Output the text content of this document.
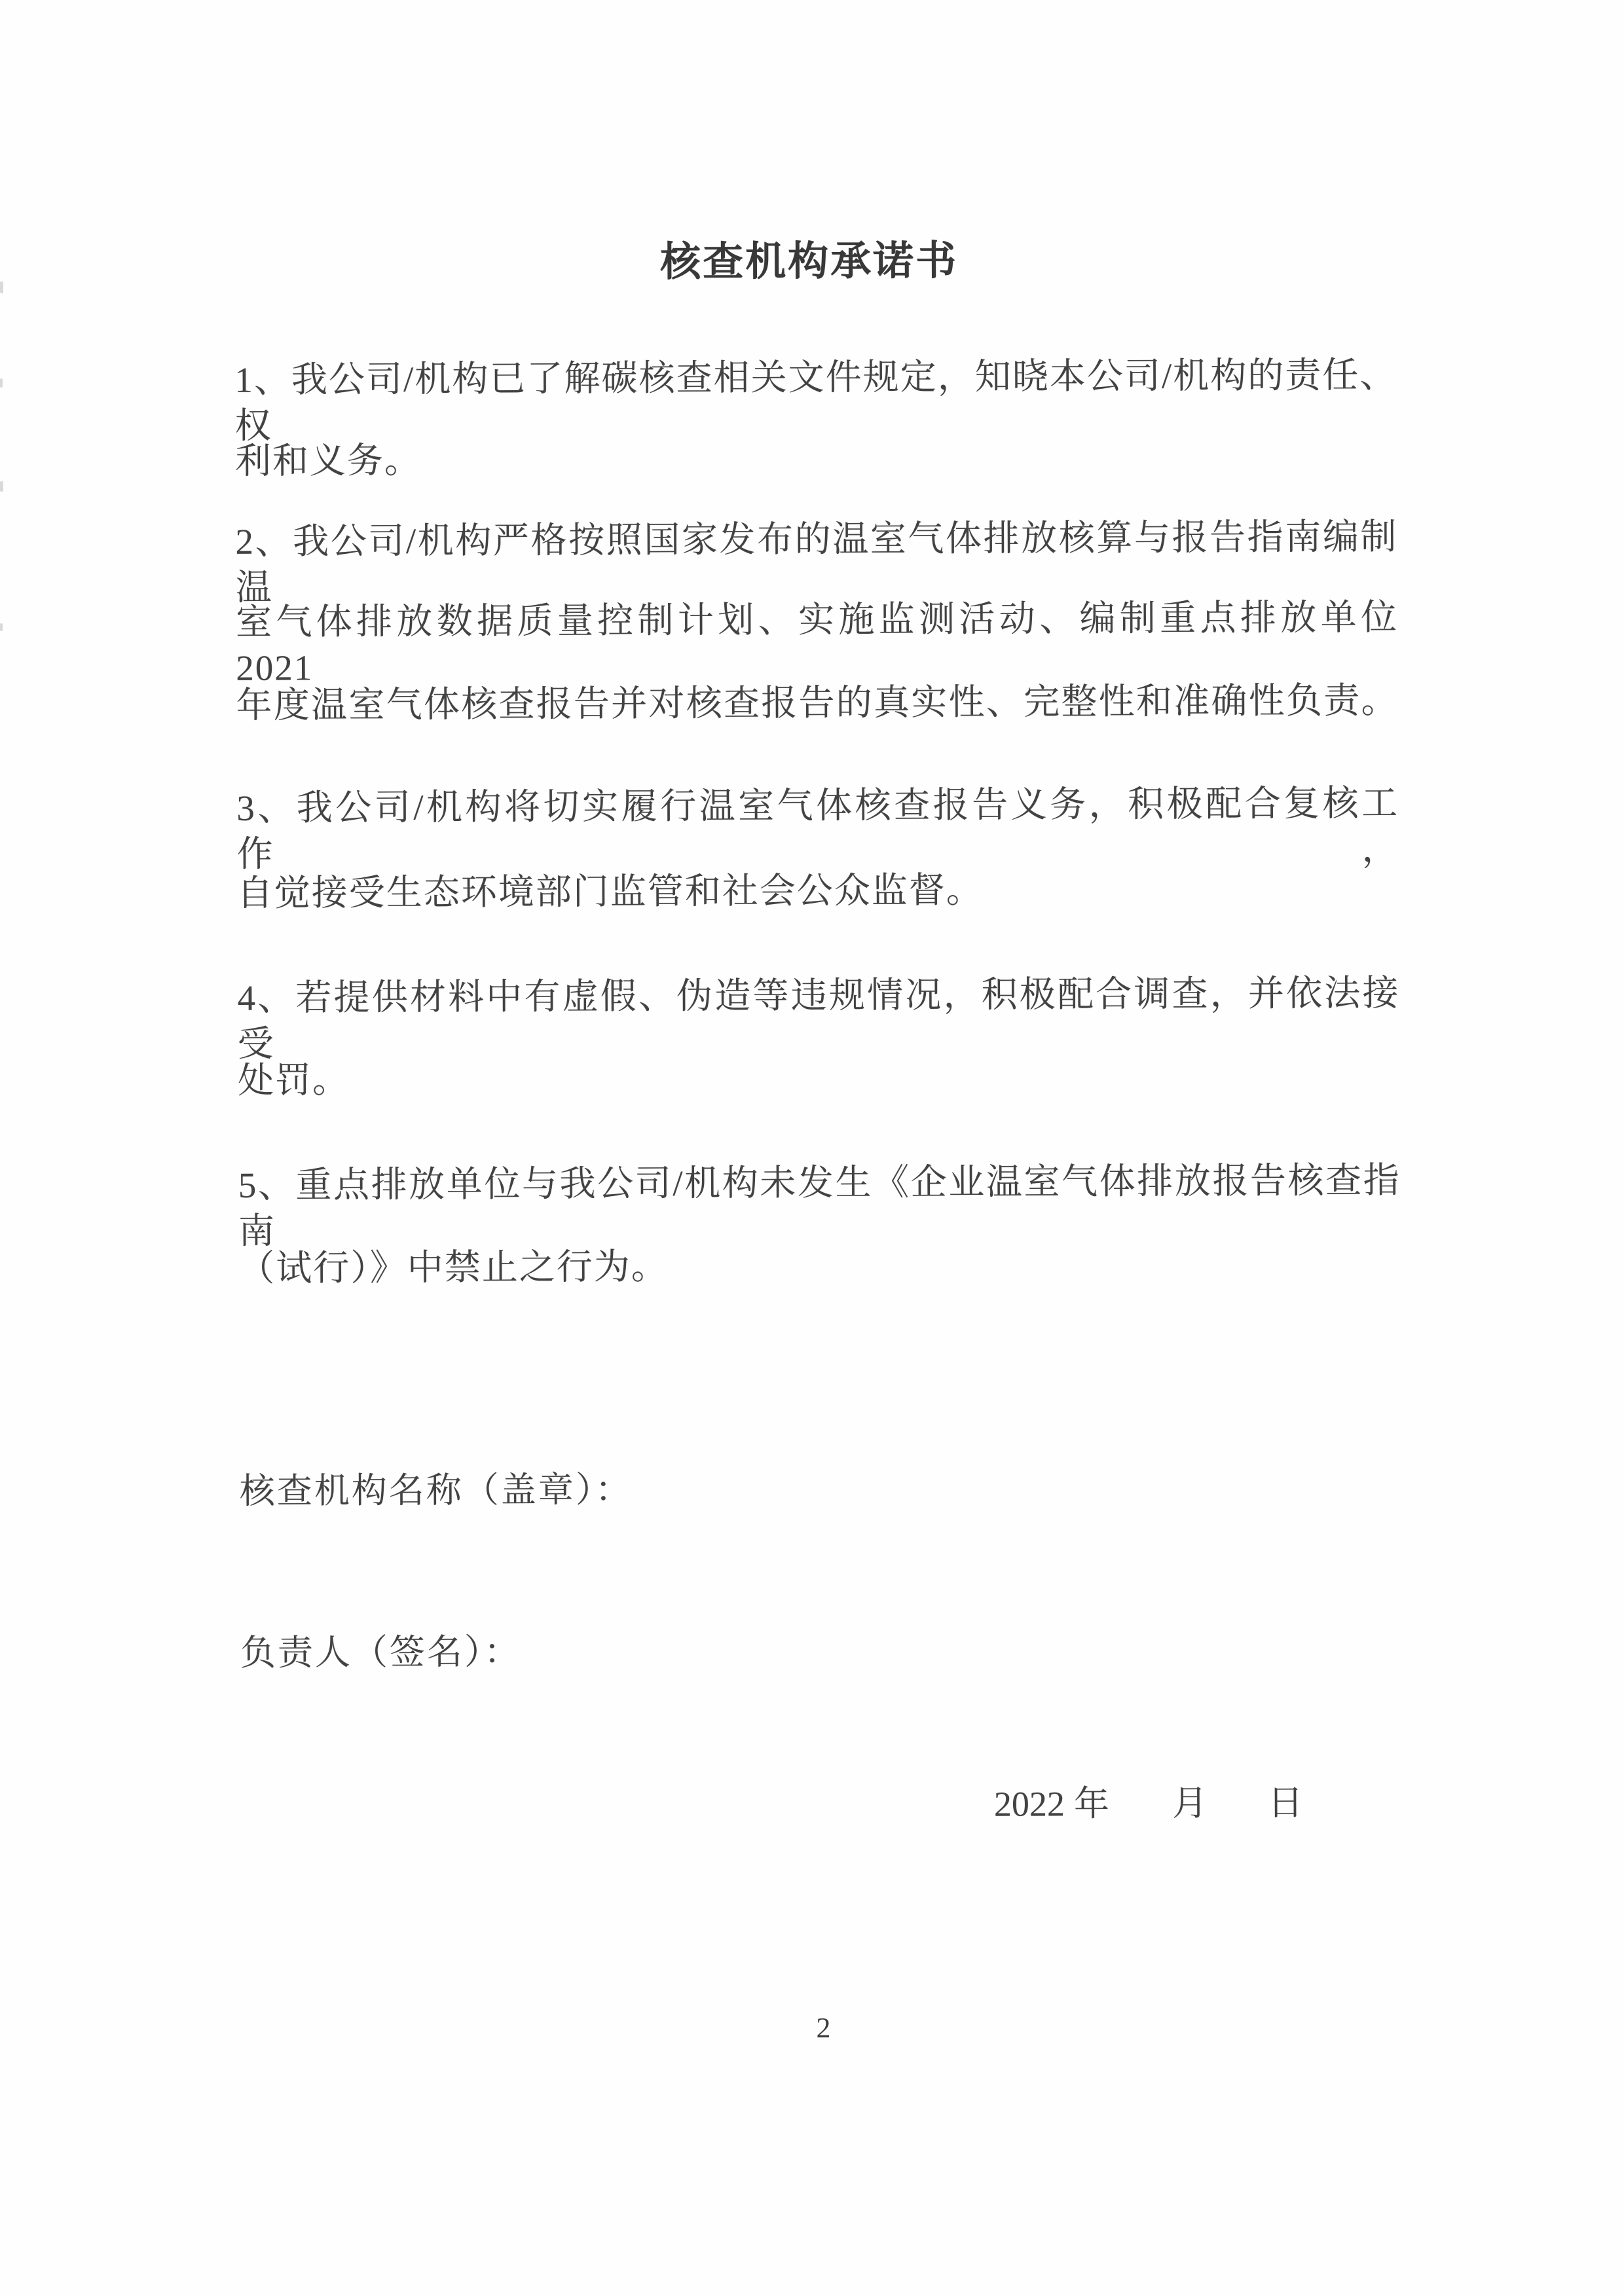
核查机构承诺书
1、我公司/机构已了解碳核查相关文件规定，知晓本公司/机构的责任、权
利和义务。
2、我公司/机构严格按照国家发布的温室气体排放核算与报告指南编制温
室气体排放数据质量控制计划、实施监测活动、编制重点排放单位 2021
年度温室气体核查报告并对核查报告的真实性、完整性和准确性负责。
3、我公司/机构将切实履行温室气体核查报告义务，积极配合复核工作，
自觉接受生态环境部门监管和社会公众监督。
4、若提供材料中有虚假、伪造等违规情况，积极配合调查，并依法接受
处罚。
5、重点排放单位与我公司/机构未发生《企业温室气体排放报告核查指南
（试行）》中禁止之行为。
核查机构名称（盖章）：
负责人（签名）：
2022 年 月 日
2
